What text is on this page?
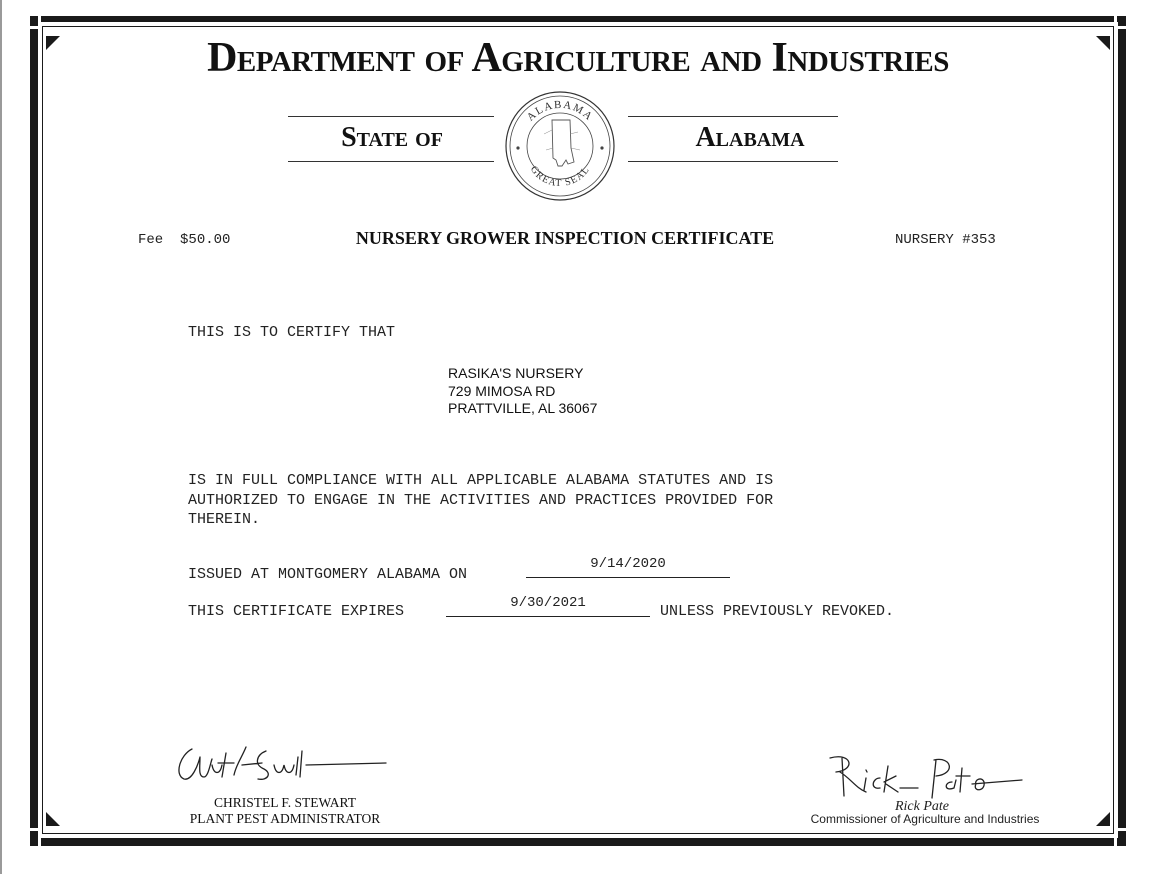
Department of Agriculture and Industries
State of	Alabama
ALABAMA
GREAT SEAL
Fee $50.00	NURSERY GROWER INSPECTION CERTIFICATE	NURSERY #353
THIS IS TO CERTIFY THAT
RASIKA'S NURSERY
729 MIMOSA RD
PRATTVILLE, AL 36067
IS IN FULL COMPLIANCE WITH ALL APPLICABLE ALABAMA STATUTES AND IS
AUTHORIZED TO ENGAGE IN THE ACTIVITIES AND PRACTICES PROVIDED FOR
THEREIN.
ISSUED AT MONTGOMERY ALABAMA ON
9/14/2020
THIS CERTIFICATE EXPIRES	9/30/2021	UNLESS PREVIOUSLY REVOKED.
CHRISTEL F. STEWART
PLANT PEST ADMINISTRATOR
Rick Pate
Commissioner of Agriculture and Industries
